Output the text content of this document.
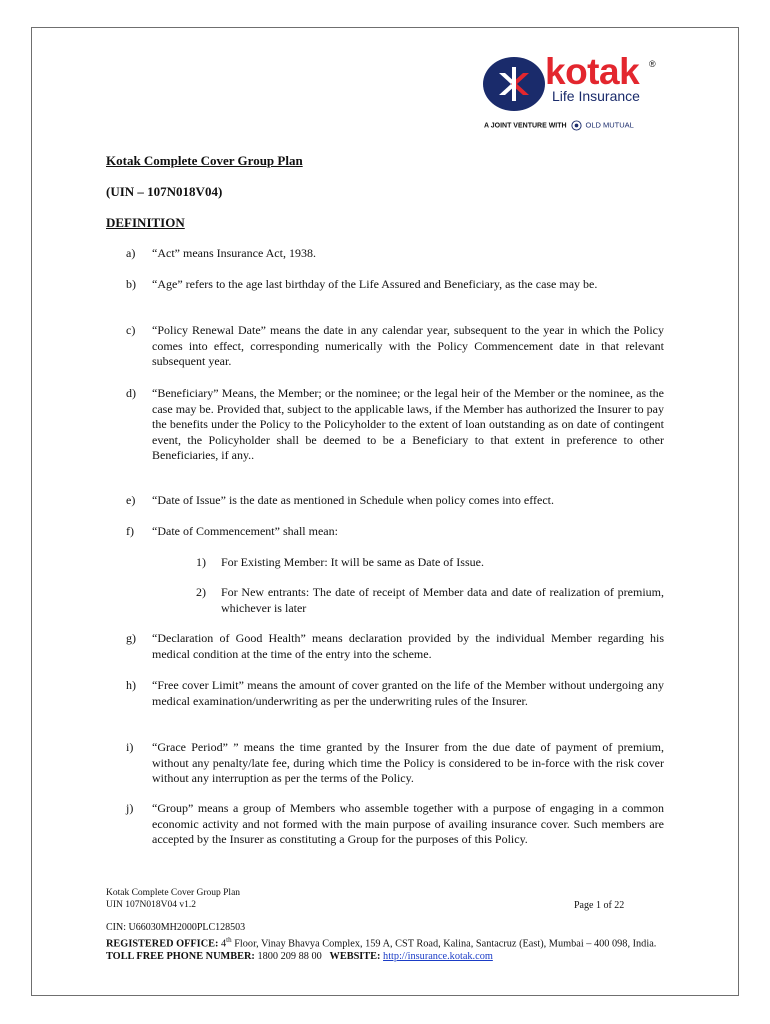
kotak ®
Life Insurance
A JOINT VENTURE WITH	OLD MUTUAL
Kotak Complete Cover Group Plan
(UIN – 107N018V04)
DEFINITION
a) “Act” means Insurance Act, 1938.
b) “Age” refers to the age last birthday of the Life Assured and Beneficiary, as the case may be.
c) “Policy Renewal Date” means the date in any calendar year, subsequent to the year in which the Policy comes into effect, corresponding numerically with the Policy Commencement date in that relevant subsequent year.
d) “Beneficiary” Means, the Member; or the nominee; or the legal heir of the Member or the nominee, as the case may be. Provided that, subject to the applicable laws, if the Member has authorized the Insurer to pay the benefits under the Policy to the Policyholder to the extent of loan outstanding as on date of contingent event, the Policyholder shall be deemed to be a Beneficiary to that extent in preference to other Beneficiaries, if any..
e) “Date of Issue” is the date as mentioned in Schedule when policy comes into effect.
f) “Date of Commencement” shall mean:
1) For Existing Member: It will be same as Date of Issue.
2) For New entrants: The date of receipt of Member data and date of realization of premium, whichever is later
g) “Declaration of Good Health” means declaration provided by the individual Member regarding his medical condition at the time of the entry into the scheme.
h) “Free cover Limit” means the amount of cover granted on the life of the Member without undergoing any medical examination/underwriting as per the underwriting rules of the Insurer.
i) “Grace Period” ” means the time granted by the Insurer from the due date of payment of premium, without any penalty/late fee, during which time the Policy is considered to be in-force with the risk cover without any interruption as per the terms of the Policy.
j) “Group” means a group of Members who assemble together with a purpose of engaging in a common economic activity and not formed with the main purpose of availing insurance cover. Such members are accepted by the Insurer as constituting a Group for the purposes of this Policy.
Kotak Complete Cover Group Plan
UIN 107N018V04 v1.2	Page 1 of 22
CIN: U66030MH2000PLC128503
REGISTERED OFFICE: 4th Floor, Vinay Bhavya Complex, 159 A, CST Road, Kalina, Santacruz (East), Mumbai – 400 098, India. TOLL FREE PHONE NUMBER: 1800 209 88 00 WEBSITE: http://insurance.kotak.com
